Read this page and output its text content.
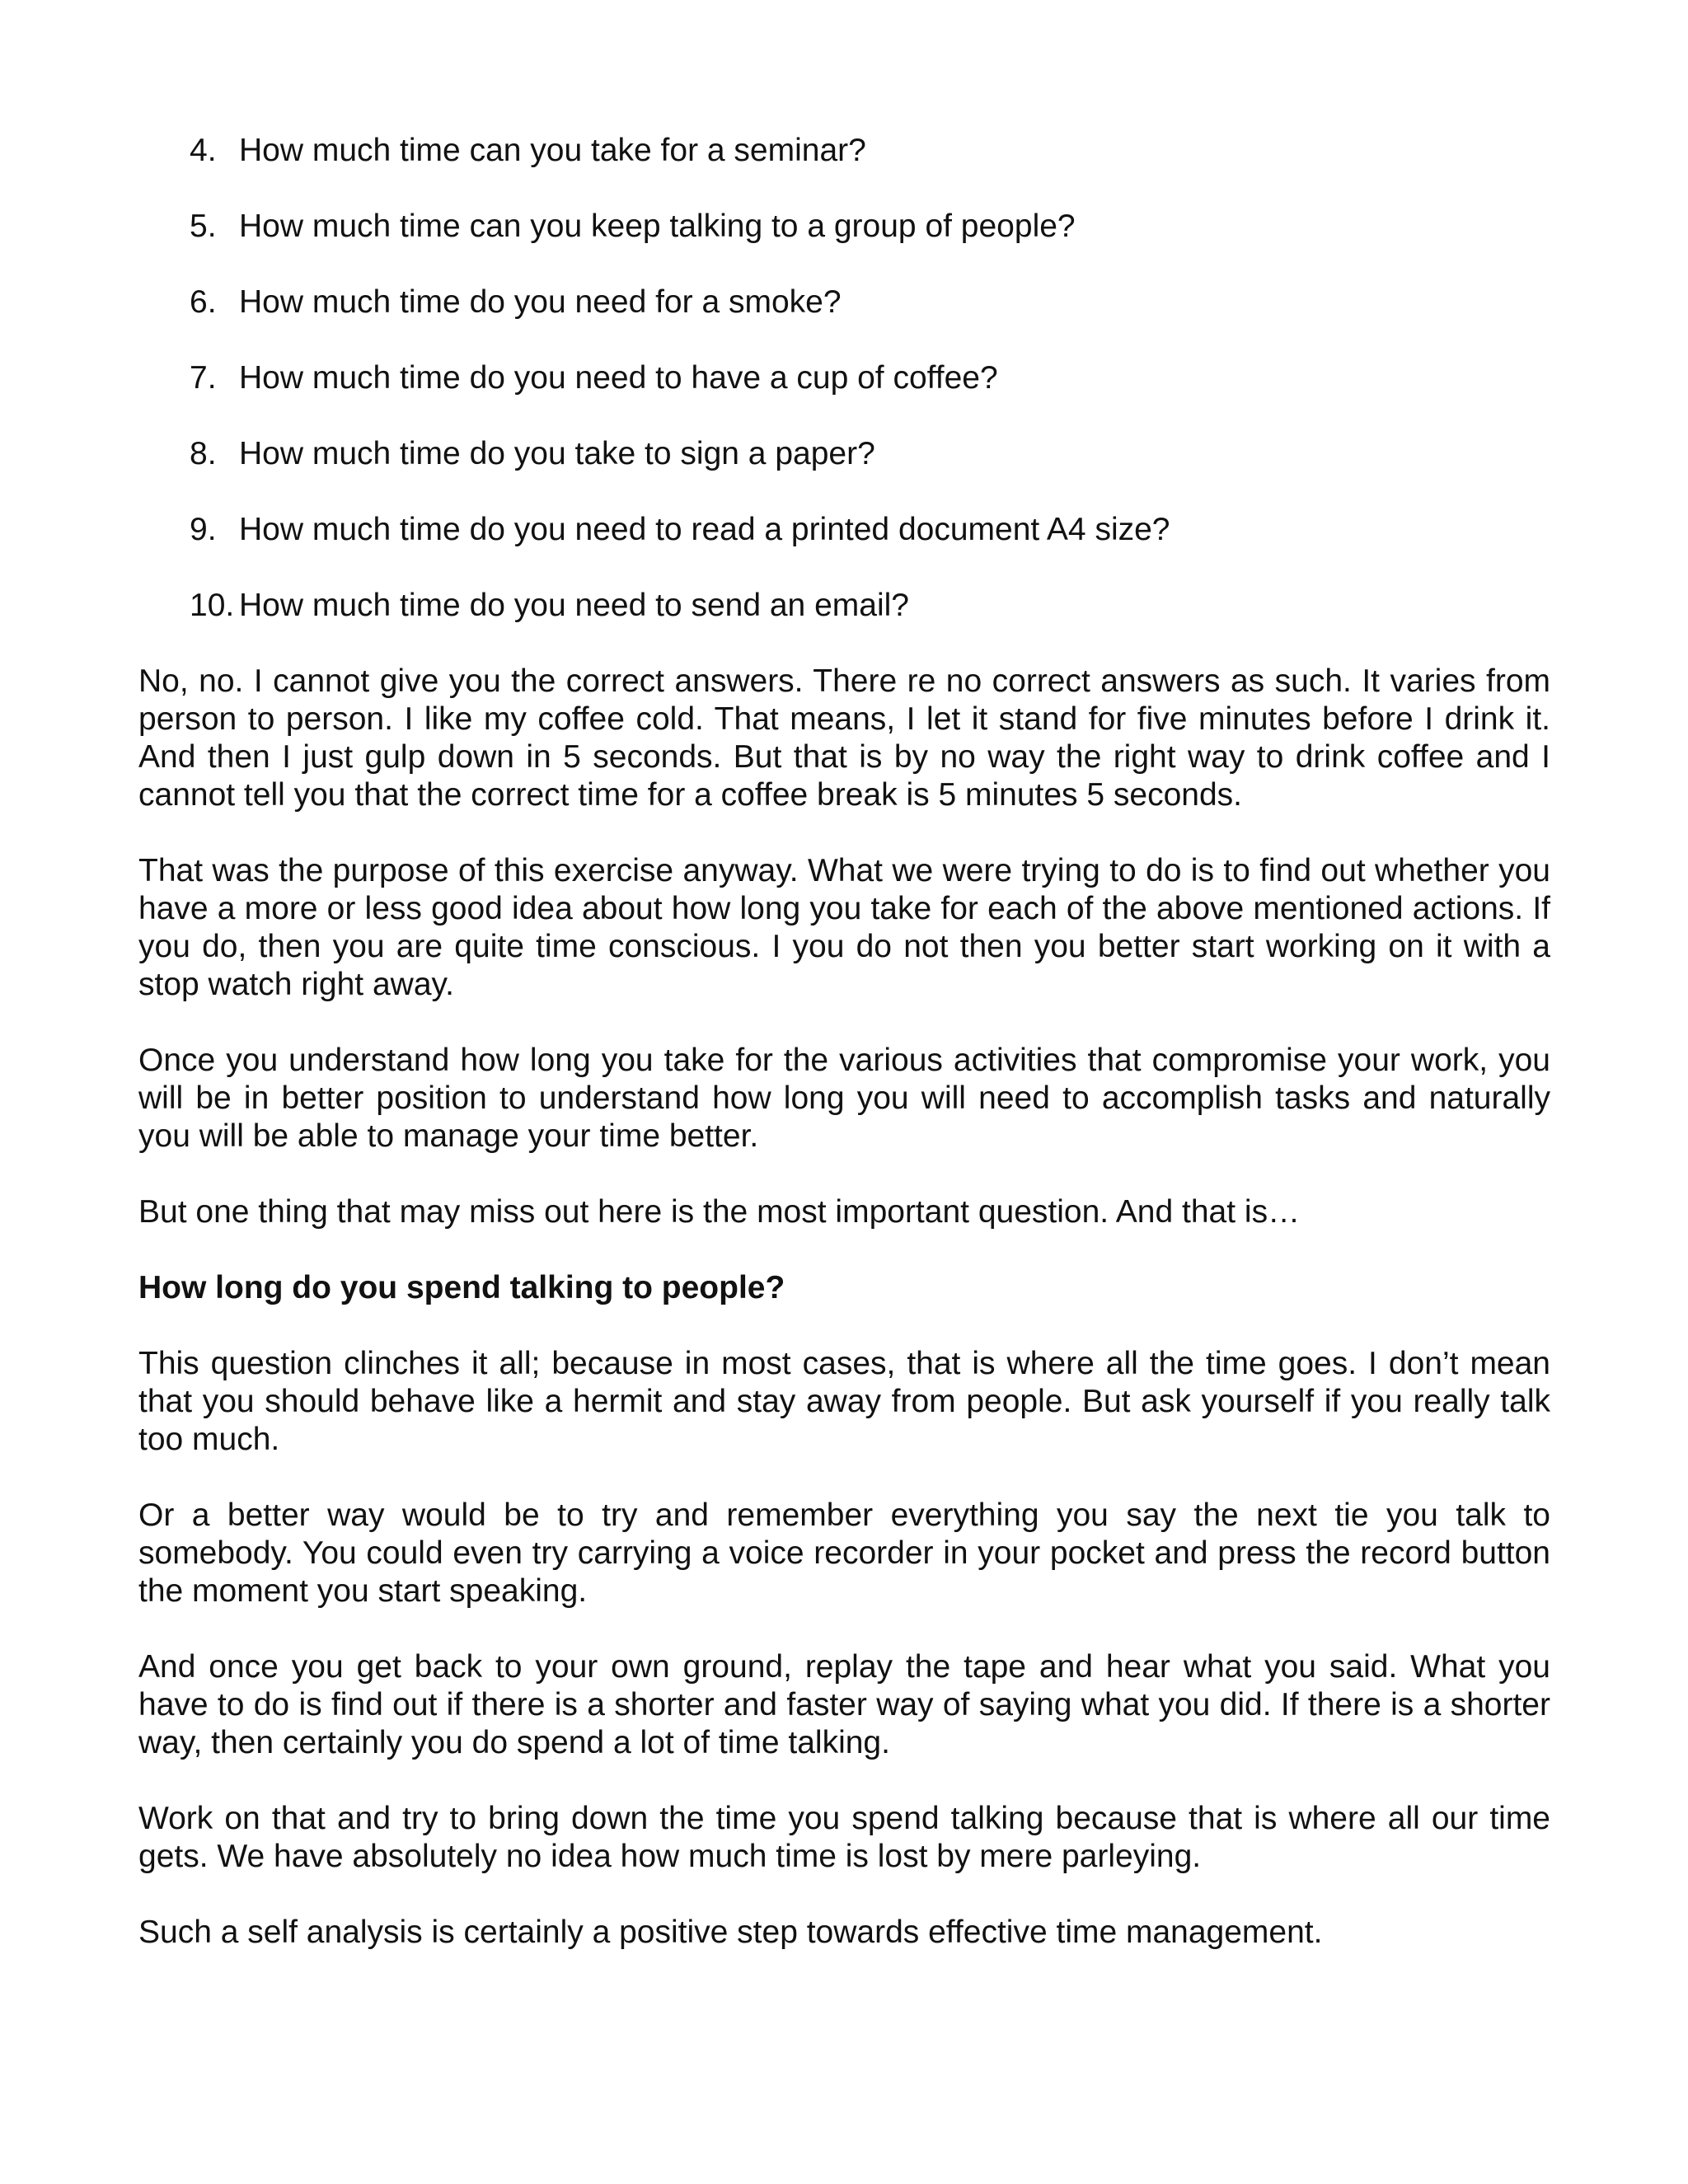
4. How much time can you take for a seminar?
5. How much time can you keep talking to a group of people?
6. How much time do you need for a smoke?
7. How much time do you need to have a cup of coffee?
8. How much time do you take to sign a paper?
9. How much time do you need to read a printed document A4 size?
10. How much time do you need to send an email?

No, no. I cannot give you the correct answers. There re no correct answers as such. It varies from person to person. I like my coffee cold. That means, I let it stand for five minutes before I drink it. And then I just gulp down in 5 seconds. But that is by no way the right way to drink coffee and I cannot tell you that the correct time for a coffee break is 5 minutes 5 seconds.

That was the purpose of this exercise anyway. What we were trying to do is to find out whether you have a more or less good idea about how long you take for each of the above mentioned actions. If you do, then you are quite time conscious. I you do not then you better start working on it with a stop watch right away.

Once you understand how long you take for the various activities that compromise your work, you will be in better position to understand how long you will need to accomplish tasks and naturally you will be able to manage your time better.

But one thing that may miss out here is the most important question. And that is…

How long do you spend talking to people?

This question clinches it all; because in most cases, that is where all the time goes. I don’t mean that you should behave like a hermit and stay away from people. But ask yourself if you really talk too much.

Or a better way would be to try and remember everything you say the next tie you talk to somebody. You could even try carrying a voice recorder in your pocket and press the record button the moment you start speaking.

And once you get back to your own ground, replay the tape and hear what you said. What you have to do is find out if there is a shorter and faster way of saying what you did. If there is a shorter way, then certainly you do spend a lot of time talking.

Work on that and try to bring down the time you spend talking because that is where all our time gets. We have absolutely no idea how much time is lost by mere parleying.

Such a self analysis is certainly a positive step towards effective time management.
